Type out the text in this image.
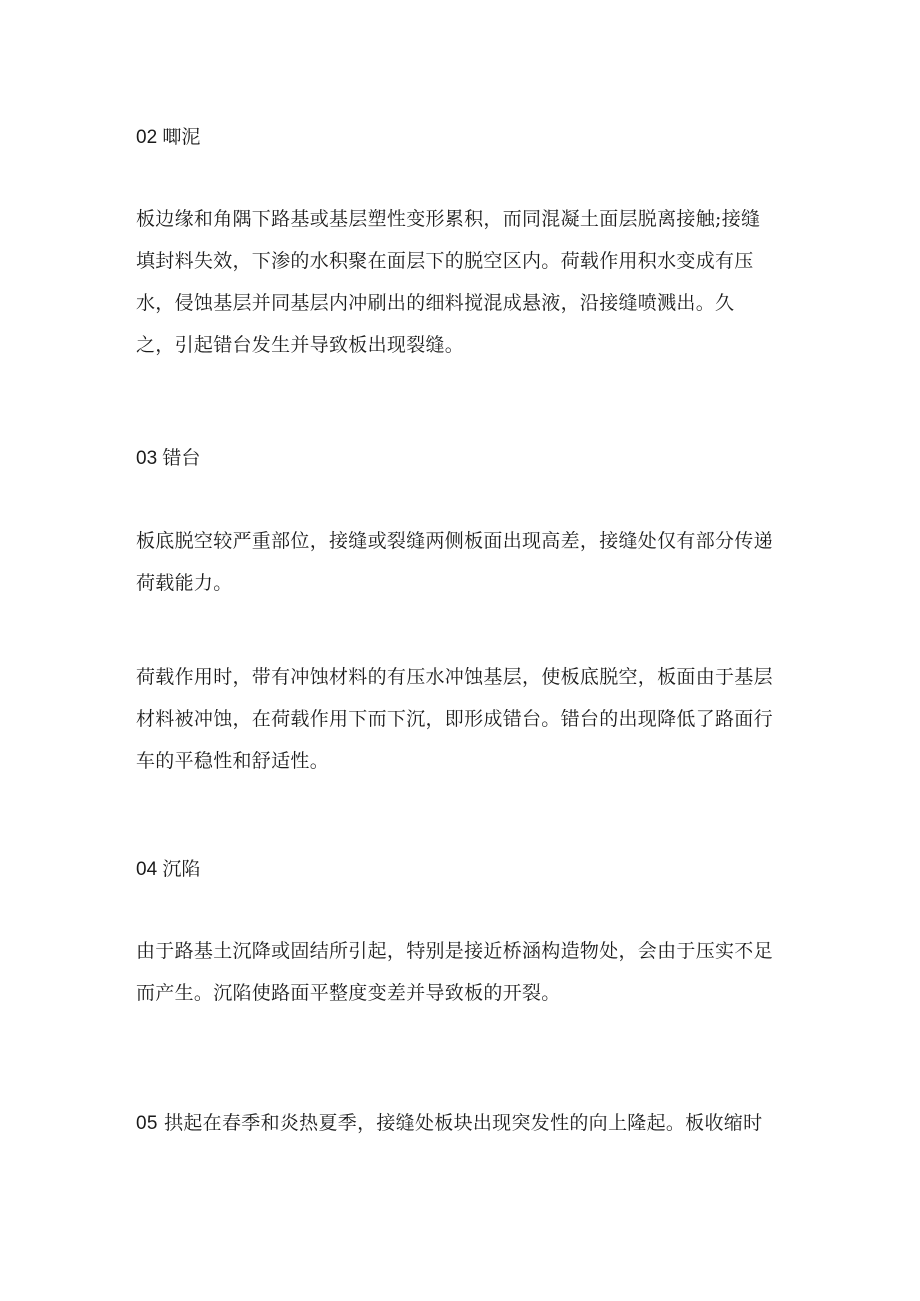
02 唧泥
板边缘和角隅下路基或基层塑性变形累积，而同混凝土面层脱离接触;接缝
填封料失效，下渗的水积聚在面层下的脱空区内。荷载作用积水变成有压
水，侵蚀基层并同基层内冲刷出的细料搅混成悬液，沿接缝喷溅出。久
之，引起错台发生并导致板出现裂缝。
03 错台
板底脱空较严重部位，接缝或裂缝两侧板面出现高差，接缝处仅有部分传递
荷载能力。
荷载作用时，带有冲蚀材料的有压水冲蚀基层，使板底脱空，板面由于基层
材料被冲蚀，在荷载作用下而下沉，即形成错台。错台的出现降低了路面行
车的平稳性和舒适性。
04 沉陷
由于路基土沉降或固结所引起，特别是接近桥涵构造物处，会由于压实不足
而产生。沉陷使路面平整度变差并导致板的开裂。
05 拱起在春季和炎热夏季，接缝处板块出现突发性的向上隆起。板收缩时
